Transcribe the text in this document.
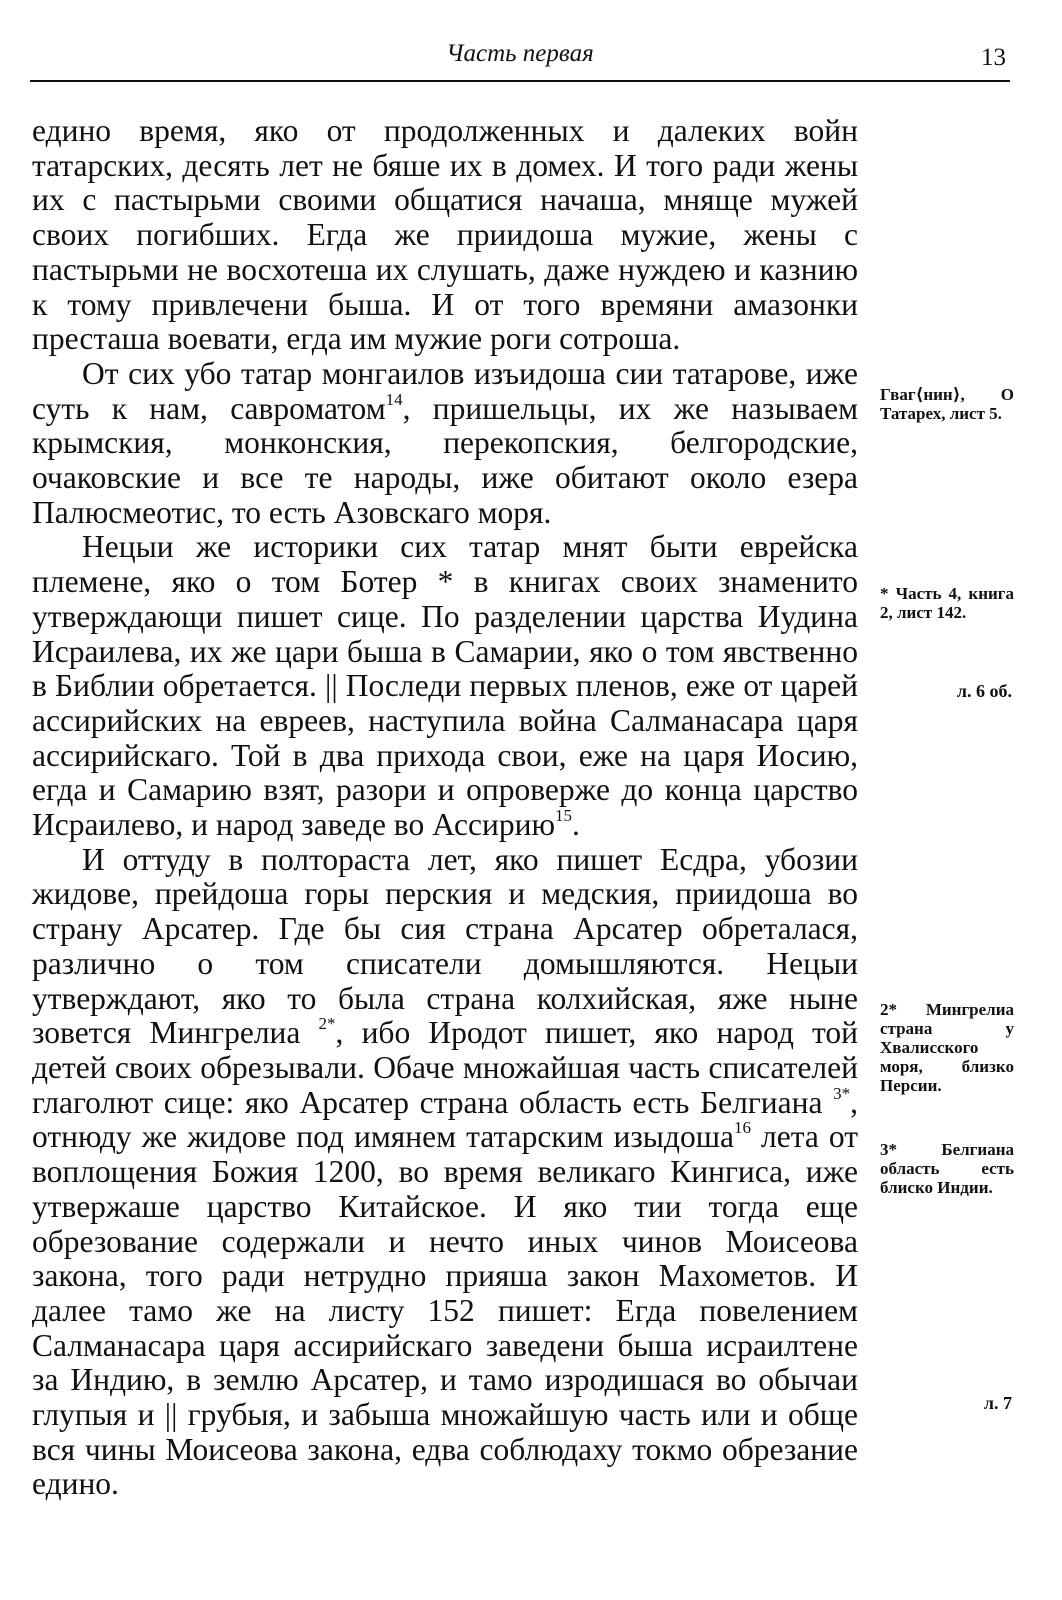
Часть первая	13

едино время, яко от продолженных и далеких войн татарских, десять лет не бяше их в домех. И того ради жены их с пастырьми своими общатися начаша, мняще мужей своих погибших. Егда же приидоша мужие, жены с пастырьми не восхотеша их слушать, даже нуждею и казнию к тому привлечени быша. И от того времяни амазонки престаша воевати, егда им мужие роги сотроша.

От сих убо татар монгаилов изъидоша сии татарове, иже суть к нам, савроматом$^{14}$, пришельцы, их же называем крымския, монконския, перекопския, белгородские, очаковские и все те народы, иже обитают около езера Палюсмеотис, то есть Азовскаго моря.

Нецыи же историки сих татар мнят быти еврейска племене, яко о том Ботер * в книгах своих знаменито утверждающи пишет сице. По разделении царства Иудина Исраилева, их же цари быша в Самарии, яко о том явственно в Библии обретается. || Последи первых пленов, еже от царей ассирийских на евреев, наступила война Салманасара царя ассирийскаго. Той в два прихода свои, еже на царя Иосию, егда и Самарию взят, разори и опроверже до конца царство Исраилево, и народ заведе во Ассирию$^{15}$.

И оттуду в полтораста лет, яко пишет Есдра, убозии жидове, прейдоша горы перския и медския, приидоша во страну Арсатер. Где бы сия страна Арсатер обреталася, различно о том списатели домышляются. Нецыи утверждают, яко то была страна колхийская, яже ныне зовется Мингрелиа $^{2*}$, ибо Иродот пишет, яко народ той детей своих обрезывали. Обаче множайшая часть списателей глаголют сице: яко Арсатер страна область есть Белгиана $^{3*}$, отнюду же жидове под имянем татарским изыдоша$^{16}$ лета от воплощения Божия 1200, во время великаго Кингиса, иже утвержаше царство Китайское. И яко тии тогда еще обрезование содержали и нечто иных чинов Моисеова закона, того ради нетрудно прияша закон Махометов. И далее тамо же на листу 152 пишет: Егда повелением Салманасара царя ассирийскаго заведени быша исраилтене за Индию, в землю Арсатер, и тамо изродишася во обычаи глупыя и || грубыя, и забыша множайшую часть или и обще вся чины Моисеова закона, едва соблюдаху токмо обрезание едино.

Гваг⟨нин⟩, О Татарех, лист 5.
* Часть 4, книга 2, лист 142.
л. 6 об.
2* Мингрелиа страна у Хвалисского моря, близко Персии.
3* Белгиана область есть блиско Индии.
л. 7
